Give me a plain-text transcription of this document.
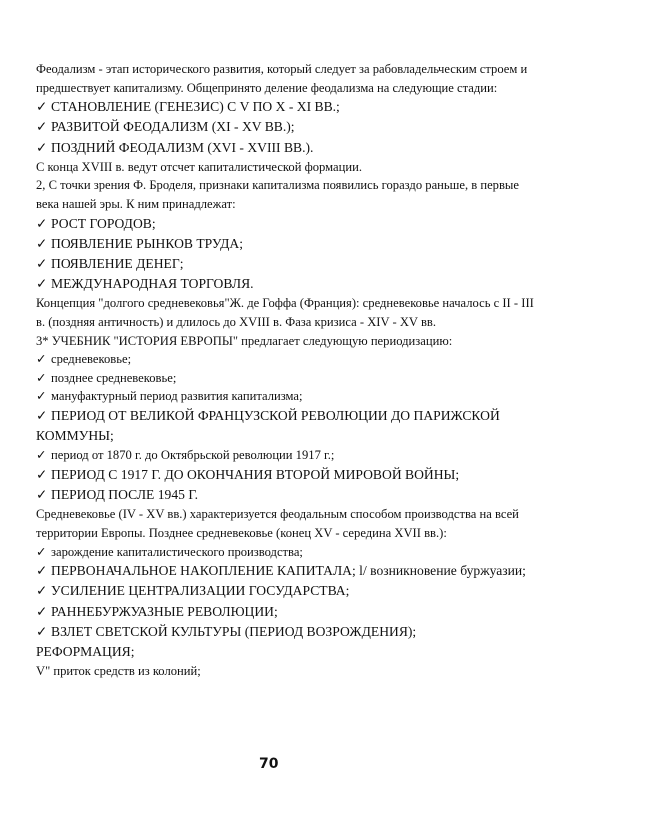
Феодализм - этап исторического развития, который следует за рабовладельческим строем и предшествует капитализму. Общепринято деление феодализма на следующие стадии:
✓ СТАНОВЛЕНИЕ (ГЕНЕЗИС) С V ПО X - XI ВВ.;
✓ РАЗВИТОЙ ФЕОДАЛИЗМ (XI - XV ВВ.);
✓ ПОЗДНИЙ ФЕОДАЛИЗМ (XVI - XVIII ВВ.).
С конца XVIII в. ведут отсчет капиталистической формации.
2, С точки зрения Ф. Броделя, признаки капитализма появились гораздо раньше, в первые века нашей эры. К ним принадлежат:
✓ РОСТ ГОРОДОВ;
✓ ПОЯВЛЕНИЕ РЫНКОВ ТРУДА;
✓ ПОЯВЛЕНИЕ ДЕНЕГ;
✓ МЕЖДУНАРОДНАЯ ТОРГОВЛЯ.
Концепция "долгого средневековья"Ж. де Гоффа (Франция): средневековье началось с II - III в. (поздняя античность) и длилось до XVIII в. Фаза кризиса - XIV - XV вв.
3* УЧЕБНИК "ИСТОРИЯ ЕВРОПЫ" предлагает следующую периодизацию:
✓ средневековье;
✓ позднее средневековье;
✓ мануфактурный период развития капитализма;
✓ ПЕРИОД ОТ ВЕЛИКОЙ ФРАНЦУЗСКОЙ РЕВОЛЮЦИИ ДО ПАРИЖСКОЙ КОММУНЫ;
✓ период от 1870 г. до Октябрьской революции 1917 г.;
✓ ПЕРИОД С 1917 Г. ДО ОКОНЧАНИЯ ВТОРОЙ МИРОВОЙ ВОЙНЫ;
✓ ПЕРИОД ПОСЛЕ 1945 Г.
Средневековье (IV - XV вв.) характеризуется феодальным способом производства на всей территории Европы. Позднее средневековье (конец XV - середина XVII вв.):
✓ зарождение капиталистического производства;
✓ ПЕРВОНАЧАЛЬНОЕ НАКОПЛЕНИЕ КАПИТАЛА; l/ возникновение буржуазии;
✓ УСИЛЕНИЕ ЦЕНТРАЛИЗАЦИИ ГОСУДАРСТВА;
✓ РАННЕБУРЖУАЗНЫЕ РЕВОЛЮЦИИ;
✓ ВЗЛЕТ СВЕТСКОЙ КУЛЬТУРЫ (ПЕРИОД ВОЗРОЖДЕНИЯ);
РЕФОРМАЦИЯ;
V" приток средств из колоний;
70
